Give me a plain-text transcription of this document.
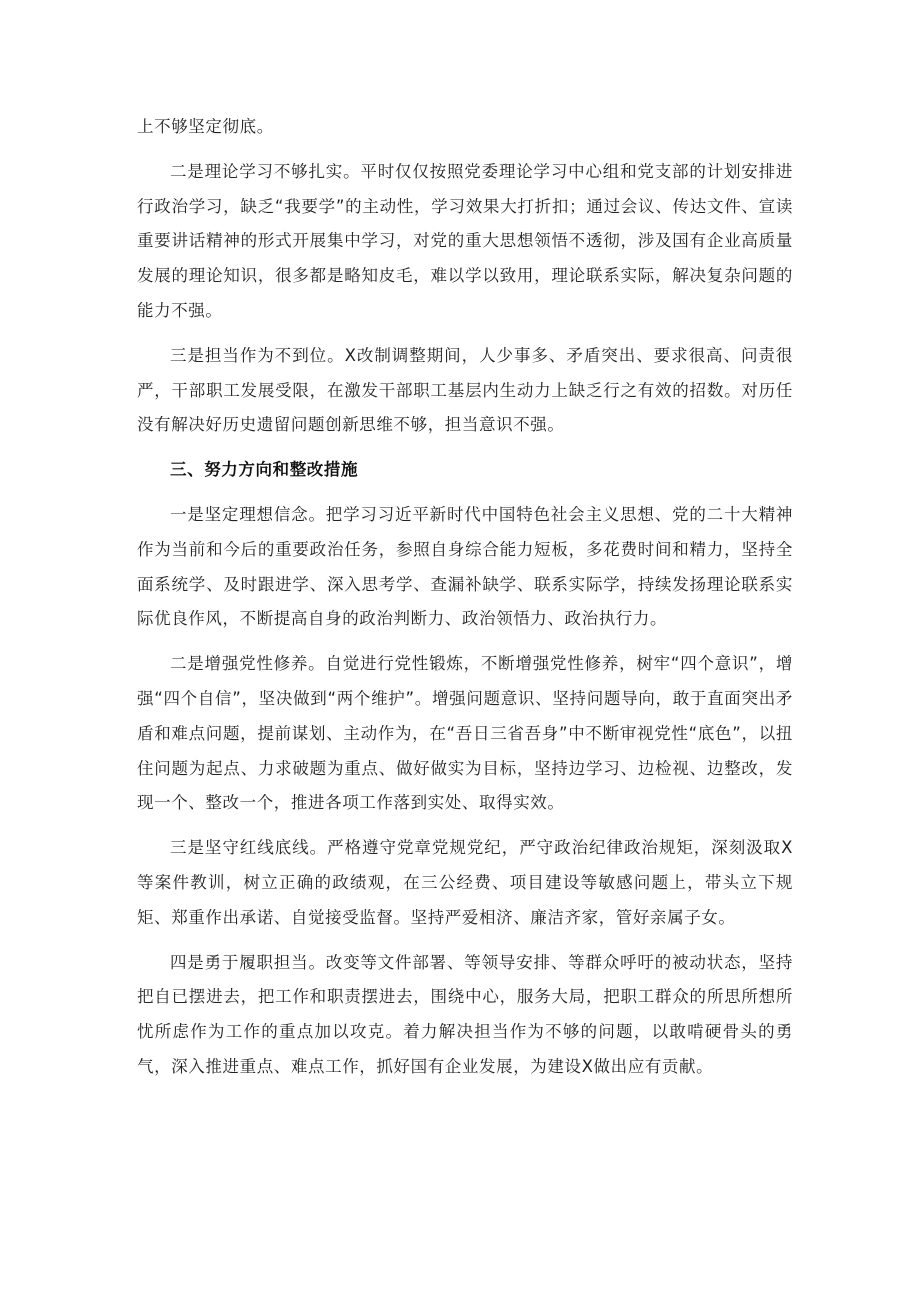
上不够坚定彻底。

二是理论学习不够扎实。平时仅仅按照党委理论学习中心组和党支部的计划安排进行政治学习，缺乏“我要学”的主动性，学习效果大打折扣；通过会议、传达文件、宣读重要讲话精神的形式开展集中学习，对党的重大思想领悟不透彻，涉及国有企业高质量发展的理论知识，很多都是略知皮毛，难以学以致用，理论联系实际，解决复杂问题的能力不强。

三是担当作为不到位。X改制调整期间，人少事多、矛盾突出、要求很高、问责很严，干部职工发展受限，在激发干部职工基层内生动力上缺乏行之有效的招数。对历任没有解决好历史遗留问题创新思维不够，担当意识不强。

三、努力方向和整改措施

一是坚定理想信念。把学习习近平新时代中国特色社会主义思想、党的二十大精神作为当前和今后的重要政治任务，参照自身综合能力短板，多花费时间和精力，坚持全面系统学、及时跟进学、深入思考学、查漏补缺学、联系实际学，持续发扬理论联系实际优良作风，不断提高自身的政治判断力、政治领悟力、政治执行力。

二是增强党性修养。自觉进行党性锻炼，不断增强党性修养，树牢“四个意识”，增强“四个自信”，坚决做到“两个维护”。增强问题意识、坚持问题导向，敢于直面突出矛盾和难点问题，提前谋划、主动作为，在“吾日三省吾身”中不断审视党性“底色”，以扭住问题为起点、力求破题为重点、做好做实为目标，坚持边学习、边检视、边整改，发现一个、整改一个，推进各项工作落到实处、取得实效。

三是坚守红线底线。严格遵守党章党规党纪，严守政治纪律政治规矩，深刻汲取X等案件教训，树立正确的政绩观，在三公经费、项目建设等敏感问题上，带头立下规矩、郑重作出承诺、自觉接受监督。坚持严爱相济、廉洁齐家，管好亲属子女。

四是勇于履职担当。改变等文件部署、等领导安排、等群众呼吁的被动状态，坚持把自已摆进去，把工作和职责摆进去，围绕中心，服务大局，把职工群众的所思所想所忧所虑作为工作的重点加以攻克。着力解决担当作为不够的问题，以敢啃硬骨头的勇气，深入推进重点、难点工作，抓好国有企业发展，为建设X做出应有贡献。
